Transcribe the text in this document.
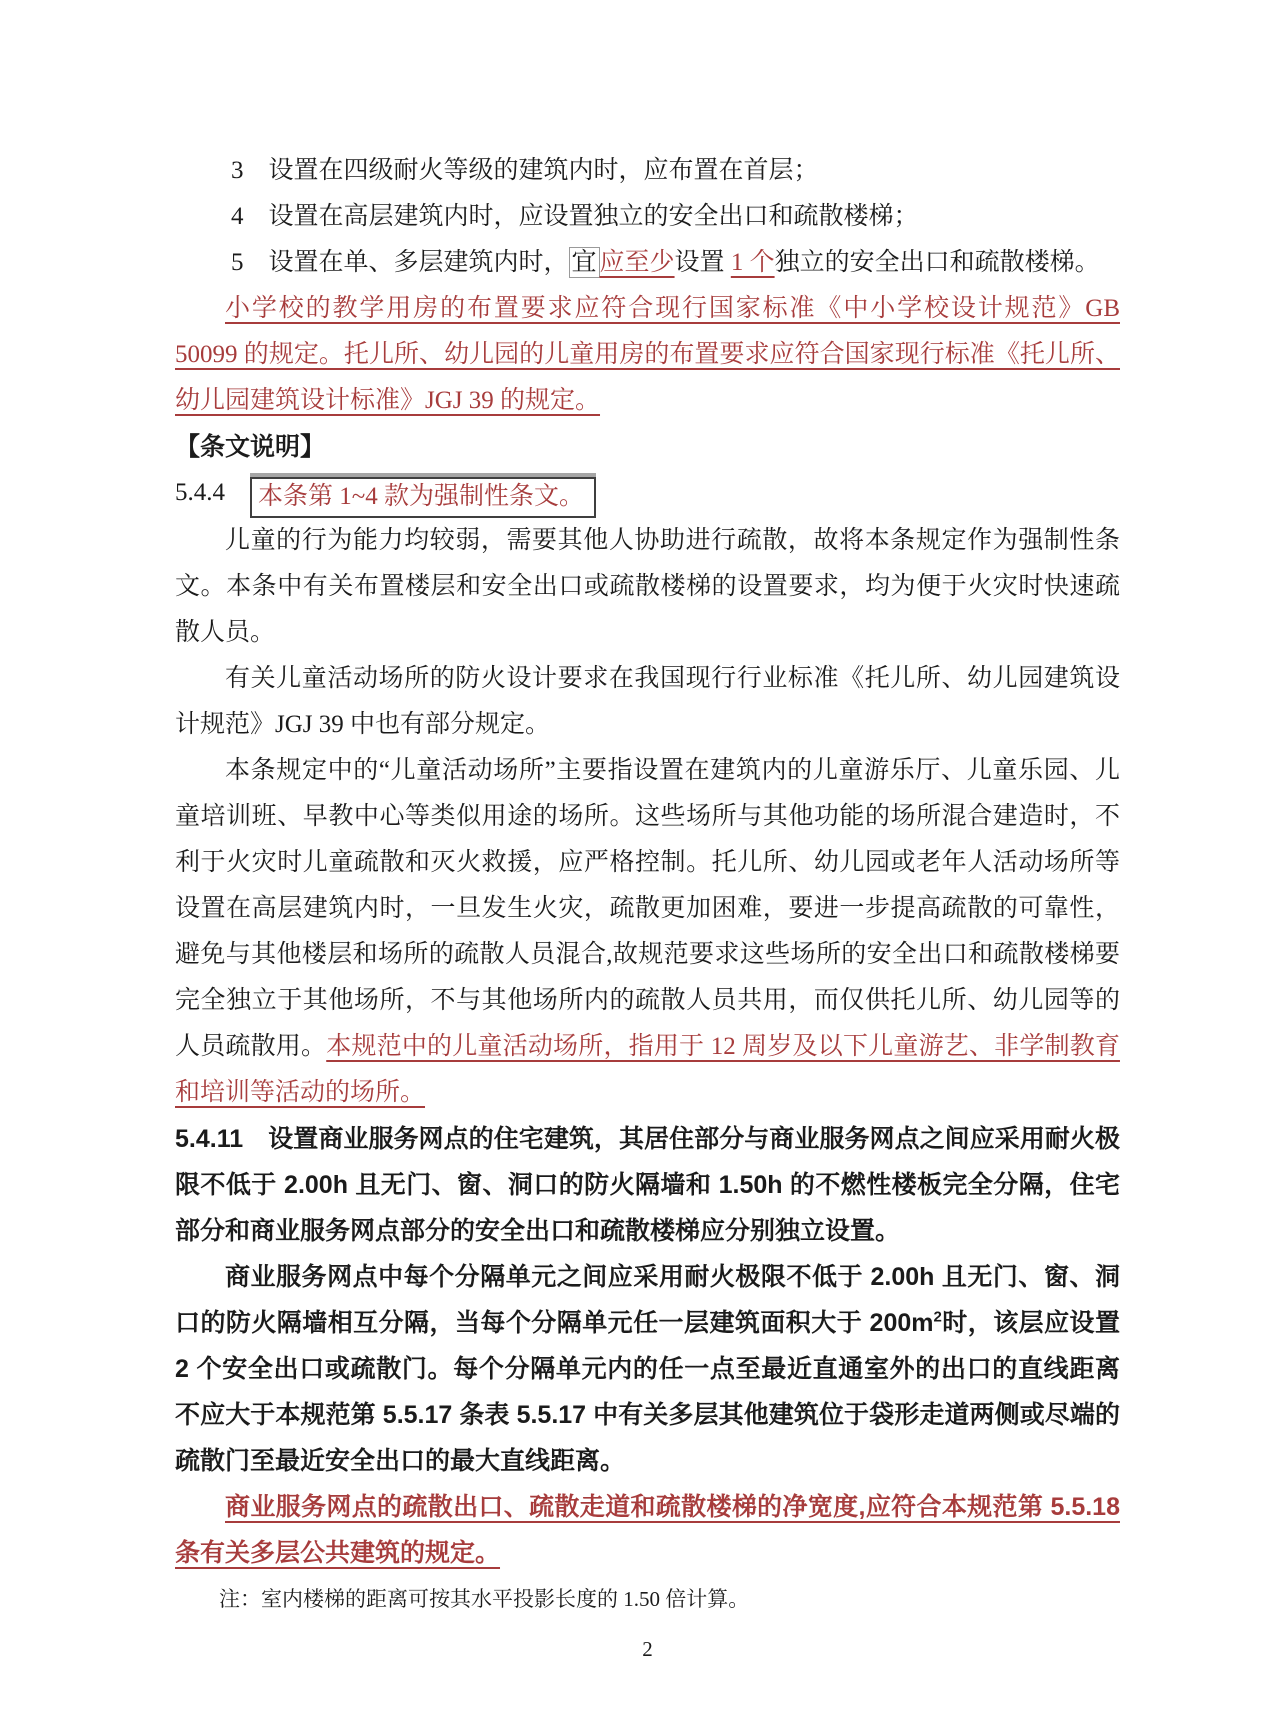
3　设置在四级耐火等级的建筑内时，应布置在首层；

4　设置在高层建筑内时，应设置独立的安全出口和疏散楼梯；

5　设置在单、多层建筑内时， 宜 应至少设置 1 个独立的安全出口和疏散楼梯。

小学校的教学用房的布置要求应符合现行国家标准《中小学校设计规范》GB 50099 的规定。托儿所、幼儿园的儿童用房的布置要求应符合国家现行标准《托儿所、幼儿园建筑设计标准》JGJ 39 的规定。

【条文说明】

5.4.4　本条第 1~4 款为强制性条文。

儿童的行为能力均较弱，需要其他人协助进行疏散，故将本条规定作为强制性条文。本条中有关布置楼层和安全出口或疏散楼梯的设置要求，均为便于火灾时快速疏散人员。

有关儿童活动场所的防火设计要求在我国现行行业标准《托儿所、幼儿园建筑设计规范》JGJ 39 中也有部分规定。

本条规定中的“儿童活动场所”主要指设置在建筑内的儿童游乐厅、儿童乐园、儿童培训班、早教中心等类似用途的场所。这些场所与其他功能的场所混合建造时，不利于火灾时儿童疏散和灭火救援，应严格控制。托儿所、幼儿园或老年人活动场所等设置在高层建筑内时，一旦发生火灾，疏散更加困难，要进一步提高疏散的可靠性，避免与其他楼层和场所的疏散人员混合,故规范要求这些场所的安全出口和疏散楼梯要完全独立于其他场所，不与其他场所内的疏散人员共用，而仅供托儿所、幼儿园等的人员疏散用。本规范中的儿童活动场所，指用于 12 周岁及以下儿童游艺、非学制教育和培训等活动的场所。

5.4.11　设置商业服务网点的住宅建筑，其居住部分与商业服务网点之间应采用耐火极限不低于 2.00h 且无门、窗、洞口的防火隔墙和 1.50h 的不燃性楼板完全分隔，住宅部分和商业服务网点部分的安全出口和疏散楼梯应分别独立设置。

商业服务网点中每个分隔单元之间应采用耐火极限不低于 2.00h 且无门、窗、洞口的防火隔墙相互分隔，当每个分隔单元任一层建筑面积大于 $200m^2$时，该层应设置 2 个安全出口或疏散门。每个分隔单元内的任一点至最近直通室外的出口的直线距离不应大于本规范第 5.5.17 条表 5.5.17 中有关多层其他建筑位于袋形走道两侧或尽端的疏散门至最近安全出口的最大直线距离。

商业服务网点的疏散出口、疏散走道和疏散楼梯的净宽度,应符合本规范第 5.5.18 条有关多层公共建筑的规定。

注：室内楼梯的距离可按其水平投影长度的 1.50 倍计算。

2
